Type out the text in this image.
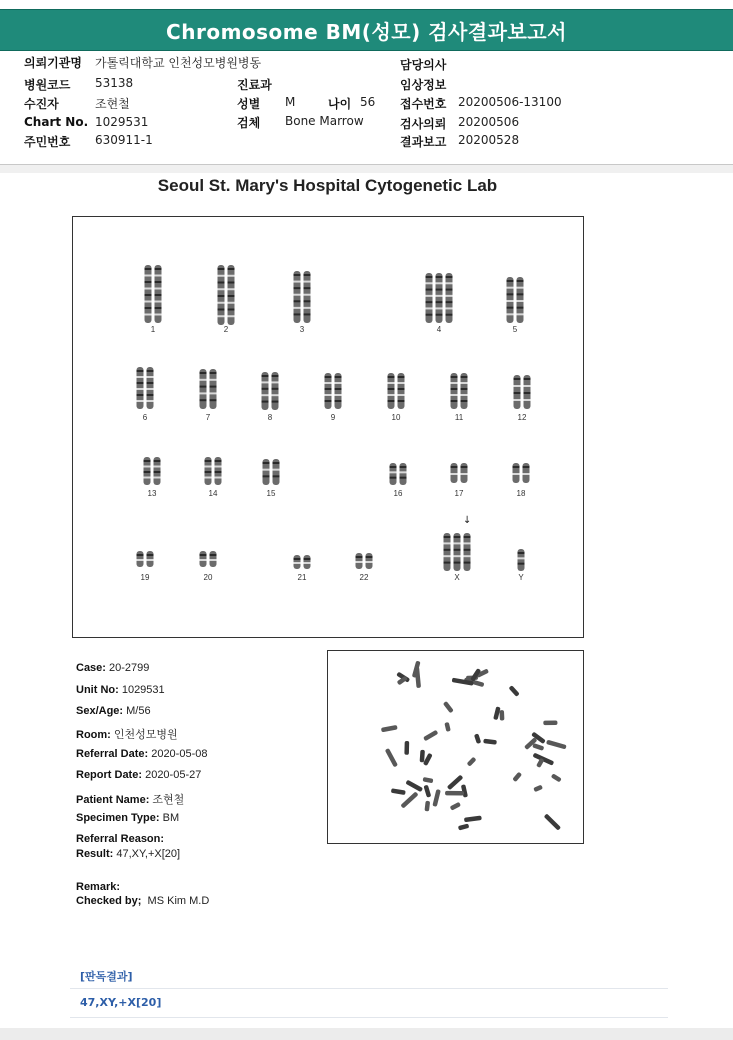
Chromosome BM(성모) 검사결과보고서
의뢰기관명 가톨릭대학교 인천성모병원병동
병원코드 53138
수진자	조현철
Chart No. 1029531
주민번호 630911-1
진료과
성별 M	나이 56
검체 Bone Marrow
담당의사
임상정보
접수번호 20200506-13100
검사의뢰 20200506
결과보고 20200528
Seoul St. Mary's Hospital Cytogenetic Lab
1	2	3	4	5
6	7	8	9	10	11	12
13	14	15	16	17	18
19	20	21	22	X	Y
↓
Case: 20-2799
Unit No: 1029531
Sex/Age: M/56
Room: 인천성모병원
Referral Date: 2020-05-08
Report Date: 2020-05-27
Patient Name: 조현철
Specimen Type: BM
Referral Reason:
Result: 47,XY,+X[20]
Remark:
Checked by; MS Kim M.D
[판독결과]
47,XY,+X[20]
